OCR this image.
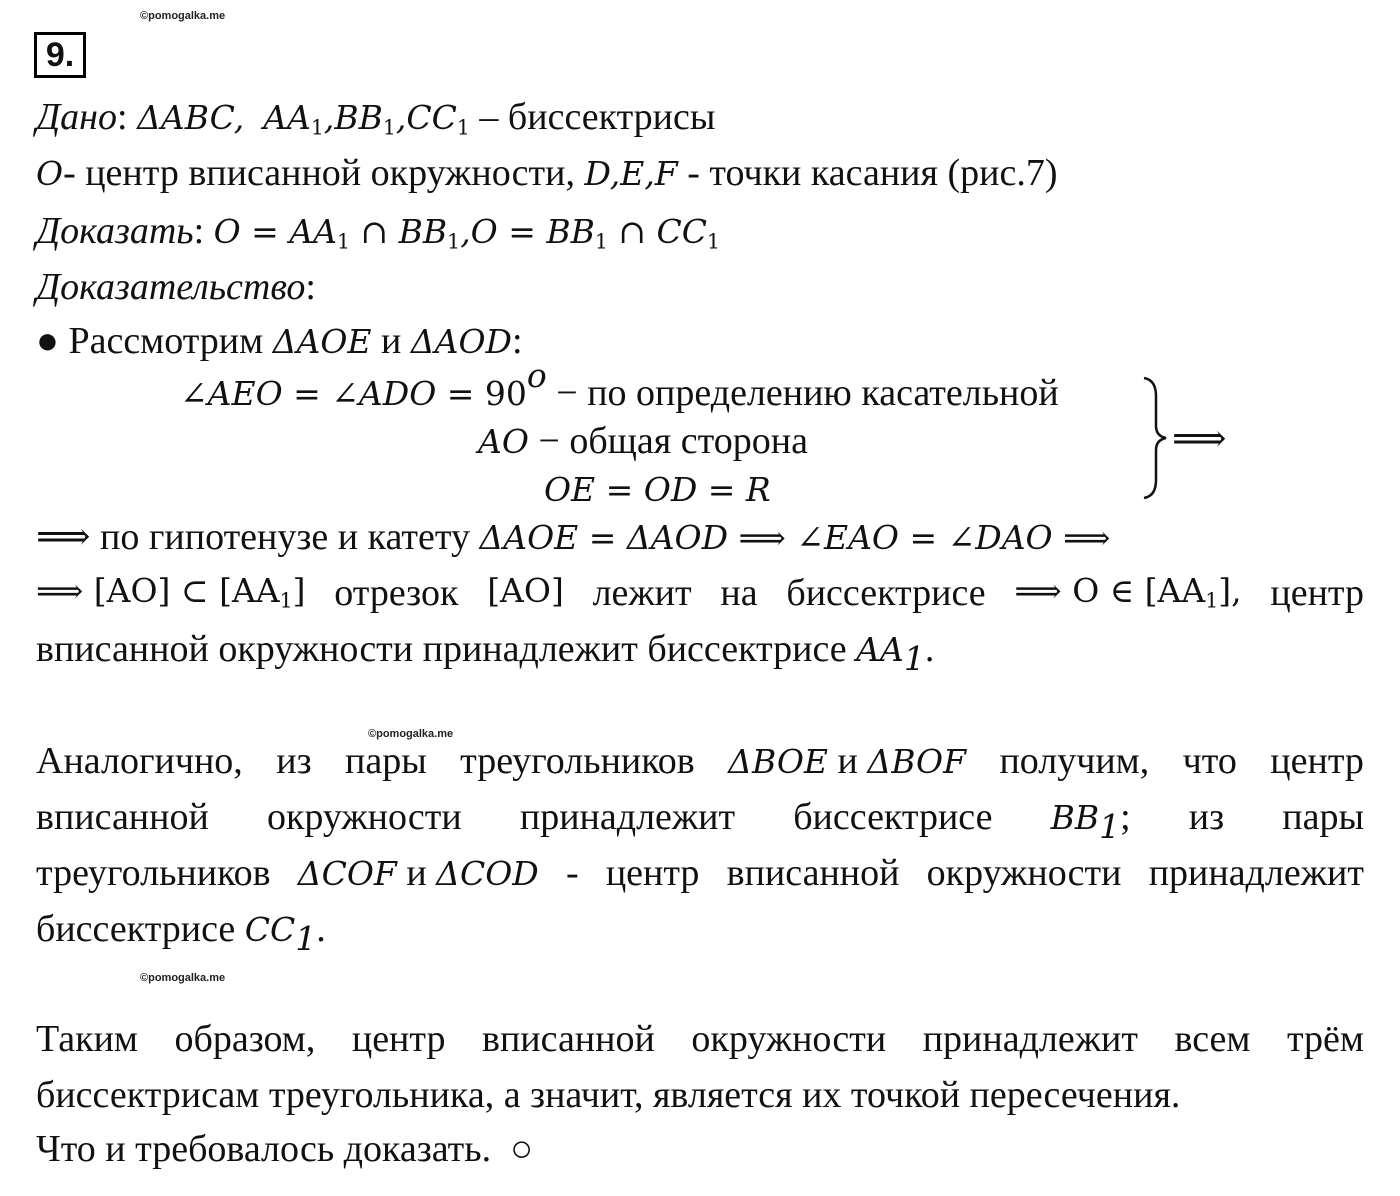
©pomogalka.me
9.
Дано: ΔABC, $AA_1,BB_1,CC_1$ – биссектрисы
O- центр вписанной окружности, D,E,F - точки касания (рис.7)
Доказать: $O = AA_1$ ∩ $BB_1,O = BB_1$ ∩ $CC_1$
Доказательство:
● Рассмотрим ΔAOE и ΔAOD:
∠AEO = ∠ADO = $90^o$ − по определению касательной
AO − общая сторона
OE = OD = R
⟹
⟹ по гипотенузе и катету ΔAOE = ΔAOD ⟹ ∠EAO = ∠DAO ⟹
⟹ [AO] ⊂ $[AA_1]$ отрезок [AO] лежит на биссектрисе ⟹ O ∈ $[AA_1]$, центр
вписанной окружности принадлежит биссектрисе $AA_1$.
©pomogalka.me
Аналогично, из пары треугольников ΔBOE и ΔBOF получим, что центр
вписанной окружности принадлежит биссектрисе $BB_1$; из пары
треугольников ΔCOF и ΔCOD - центр вписанной окружности принадлежит
биссектрисе $CC_1$.
©pomogalka.me
Таким образом, центр вписанной окружности принадлежит всем трём
биссектрисам треугольника, а значит, является их точкой пересечения.
Что и требовалось доказать. ○
